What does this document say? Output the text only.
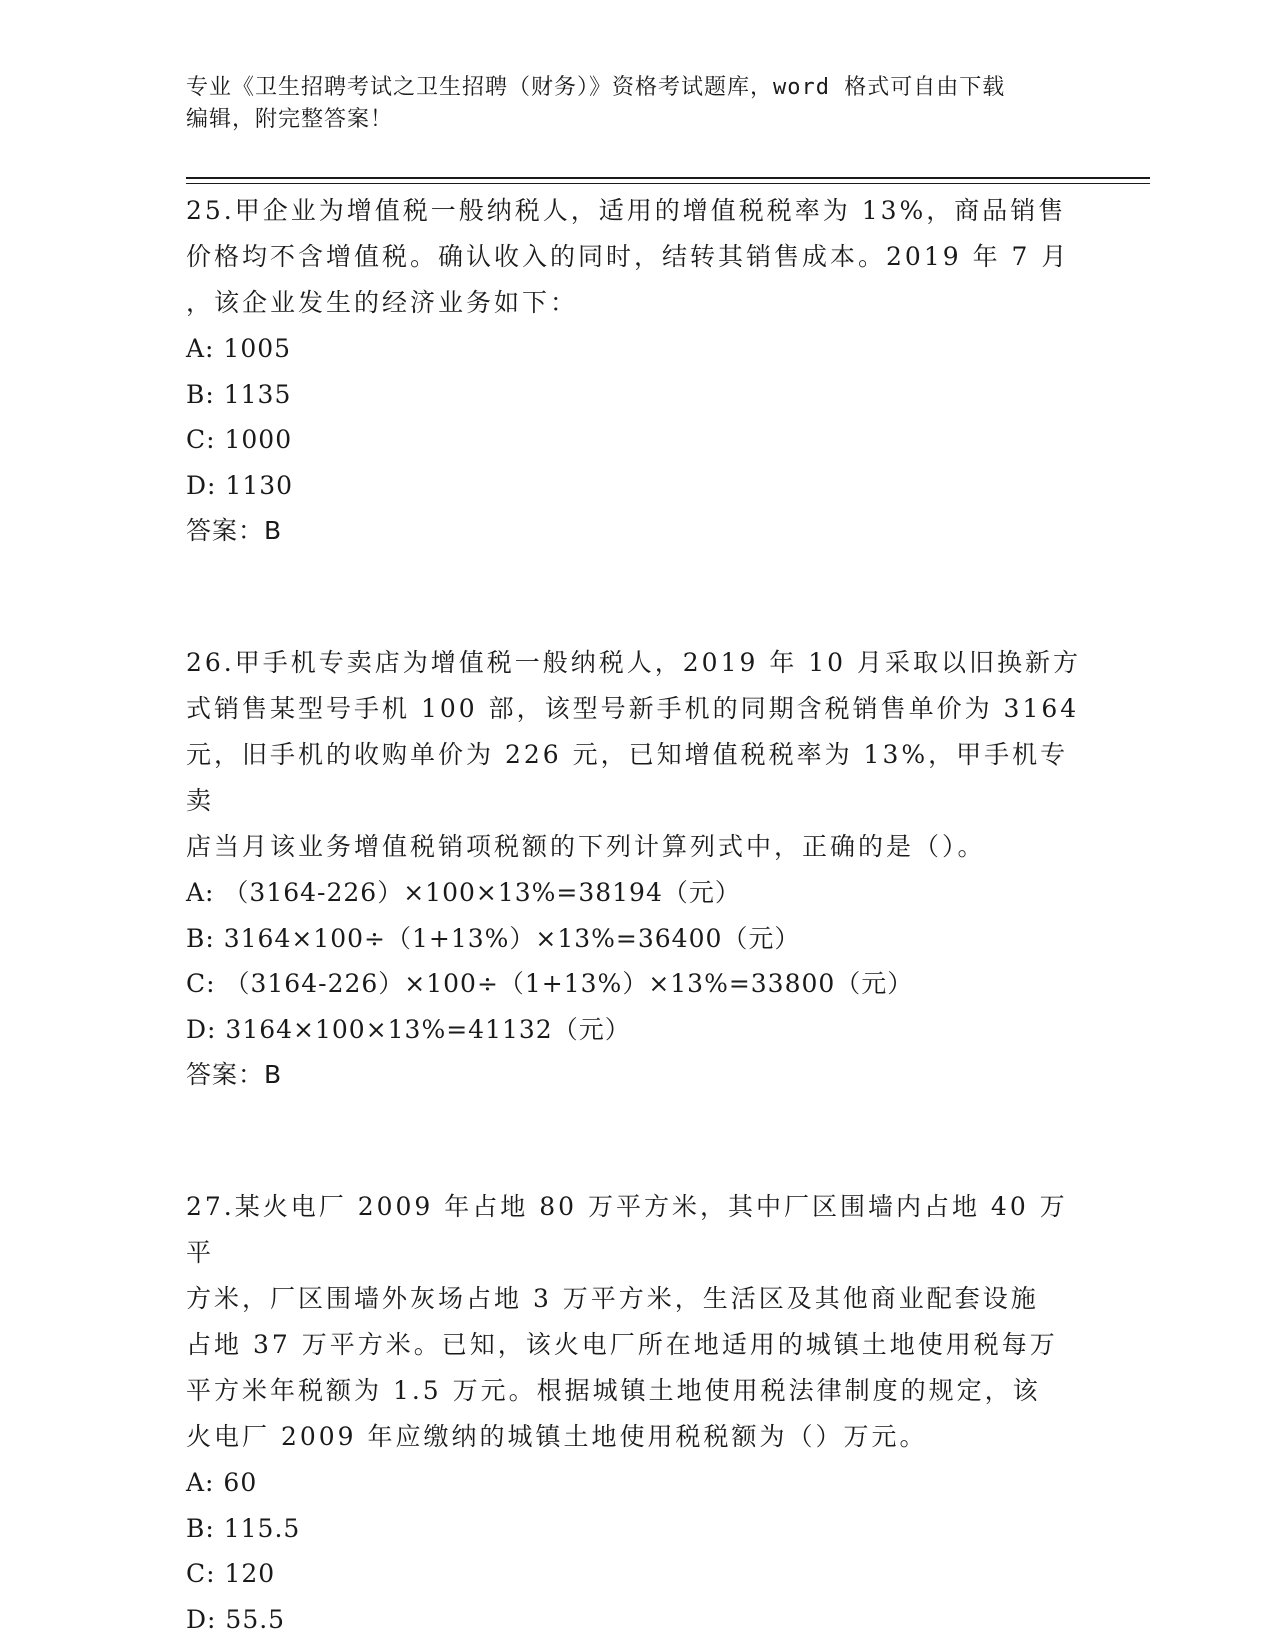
专业《卫生招聘考试之卫生招聘（财务）》资格考试题库，word 格式可自由下载
编辑，附完整答案！

25.甲企业为增值税一般纳税人，适用的增值税税率为 13%，商品销售

价格均不含增值税。确认收入的同时，结转其销售成本。2019 年 7 月

，该企业发生的经济业务如下：

A: 1005

B: 1135

C: 1000

D: 1130

答案：B

26.甲手机专卖店为增值税一般纳税人，2019 年 10 月采取以旧换新方

式销售某型号手机 100 部，该型号新手机的同期含税销售单价为 3164

元，旧手机的收购单价为 226 元，已知增值税税率为 13%，甲手机专卖

店当月该业务增值税销项税额的下列计算列式中，正确的是（）。

A: （3164-226）×100×13%=38194（元）

B: 3164×100÷（1+13%）×13%=36400（元）

C: （3164-226）×100÷（1+13%）×13%=33800（元）

D: 3164×100×13%=41132（元）

答案：B

27.某火电厂 2009 年占地 80 万平方米，其中厂区围墙内占地 40 万平

方米，厂区围墙外灰场占地 3 万平方米，生活区及其他商业配套设施

占地 37 万平方米。已知，该火电厂所在地适用的城镇土地使用税每万

平方米年税额为 1.5 万元。根据城镇土地使用税法律制度的规定，该

火电厂 2009 年应缴纳的城镇土地使用税税额为（）万元。

A: 60

B: 115.5

C: 120

D: 55.5
